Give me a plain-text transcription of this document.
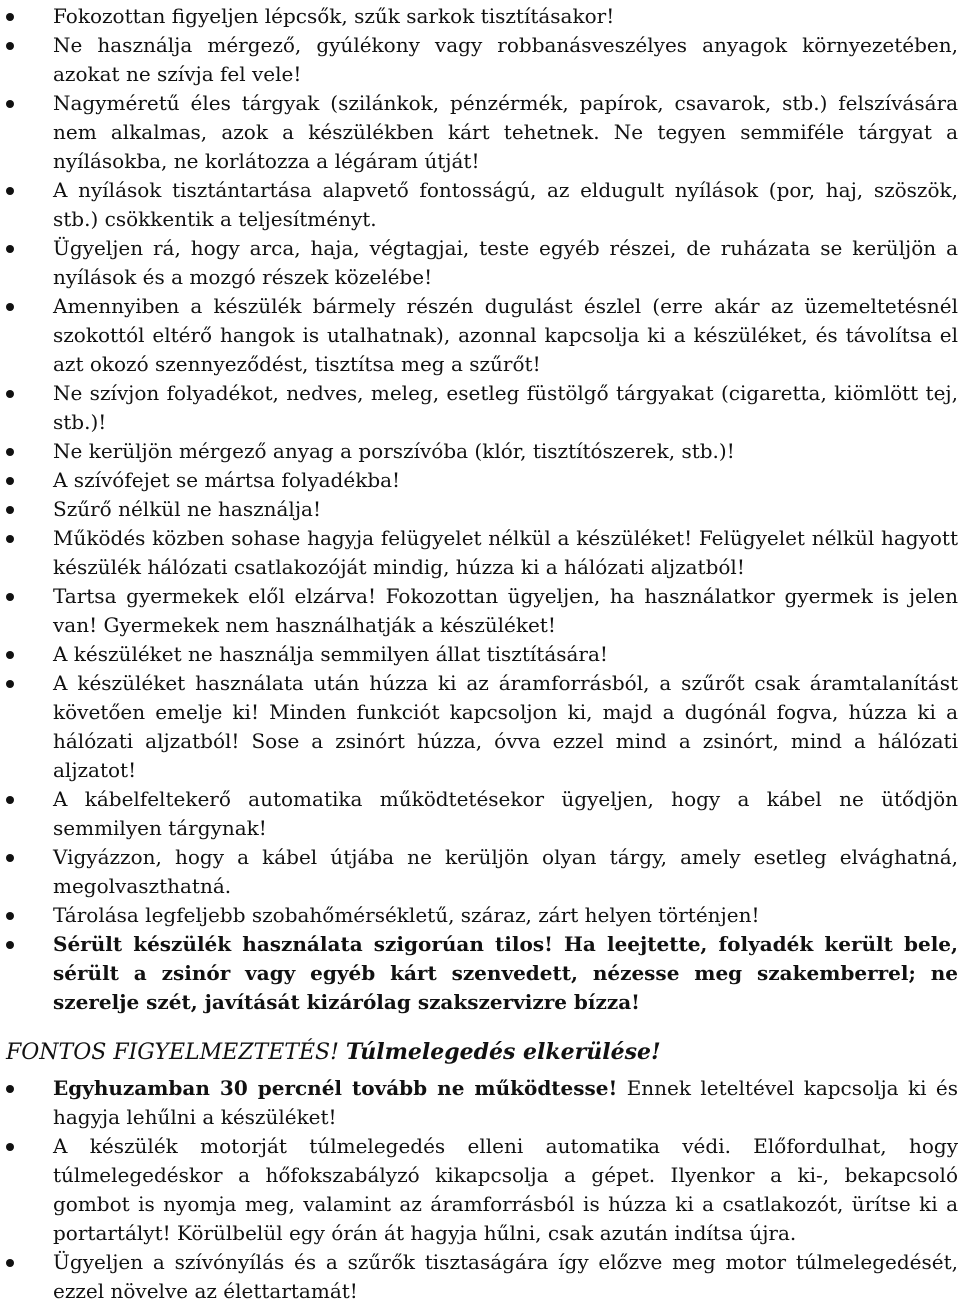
Fokozottan figyeljen lépcsők, szűk sarkok tisztításakor!
Ne használja mérgező, gyúlékony vagy robbanásveszélyes anyagok környezetében, azokat ne szívja fel vele!
Nagyméretű éles tárgyak (szilánkok, pénzérmék, papírok, csavarok, stb.) felszívására nem alkalmas, azok a készülékben kárt tehetnek. Ne tegyen semmiféle tárgyat a nyílásokba, ne korlátozza a légáram útját!
A nyílások tisztántartása alapvető fontosságú, az eldugult nyílások (por, haj, szöszök, stb.) csökkentik a teljesítményt.
Ügyeljen rá, hogy arca, haja, végtagjai, teste egyéb részei, de ruházata se kerüljön a nyílások és a mozgó részek közelébe!
Amennyiben a készülék bármely részén dugulást észlel (erre akár az üzemeltetésnél szokottól eltérő hangok is utalhatnak), azonnal kapcsolja ki a készüléket, és távolítsa el azt okozó szennyeződést, tisztítsa meg a szűrőt!
Ne szívjon folyadékot, nedves, meleg, esetleg füstölgő tárgyakat (cigaretta, kiömlött tej, stb.)!
Ne kerüljön mérgező anyag a porszívóba (klór, tisztítószerek, stb.)!
A szívófejet se mártsa folyadékba!
Szűrő nélkül ne használja!
Működés közben sohase hagyja felügyelet nélkül a készüléket! Felügyelet nélkül hagyott készülék hálózati csatlakozóját mindig, húzza ki a hálózati aljzatból!
Tartsa gyermekek elől elzárva! Fokozottan ügyeljen, ha használatkor gyermek is jelen van! Gyermekek nem használhatják a készüléket!
A készüléket ne használja semmilyen állat tisztítására!
A készüléket használata után húzza ki az áramforrásból, a szűrőt csak áramtalanítást követően emelje ki! Minden funkciót kapcsoljon ki, majd a dugónál fogva, húzza ki a hálózati aljzatból! Sose a zsinórt húzza, óvva ezzel mind a zsinórt, mind a hálózati aljzatot!
A kábelfeltekerő automatika működtetésekor ügyeljen, hogy a kábel ne ütődjön semmilyen tárgynak!
Vigyázzon, hogy a kábel útjába ne kerüljön olyan tárgy, amely esetleg elvághatná, megolvaszthatná.
Tárolása legfeljebb szobahőmérsékletű, száraz, zárt helyen történjen!
Sérült készülék használata szigorúan tilos! Ha leejtette, folyadék került bele, sérült a zsinór vagy egyéb kárt szenvedett, nézesse meg szakemberrel; ne szerelje szét, javítását kizárólag szakszervizre bízza!

FONTOS FIGYELMEZTETÉS! Túlmelegedés elkerülése!

Egyhuzamban 30 percnél tovább ne működtesse! Ennek leteltével kapcsolja ki és hagyja lehűlni a készüléket!
A készülék motorját túlmelegedés elleni automatika védi. Előfordulhat, hogy túlmelegedéskor a hőfokszabályzó kikapcsolja a gépet. Ilyenkor a ki-, bekapcsoló gombot is nyomja meg, valamint az áramforrásból is húzza ki a csatlakozót, ürítse ki a portartályt! Körülbelül egy órán át hagyja hűlni, csak azután indítsa újra.
Ügyeljen a szívónyílás és a szűrők tisztaságára így előzve meg motor túlmelegedését, ezzel növelve az élettartamát!
